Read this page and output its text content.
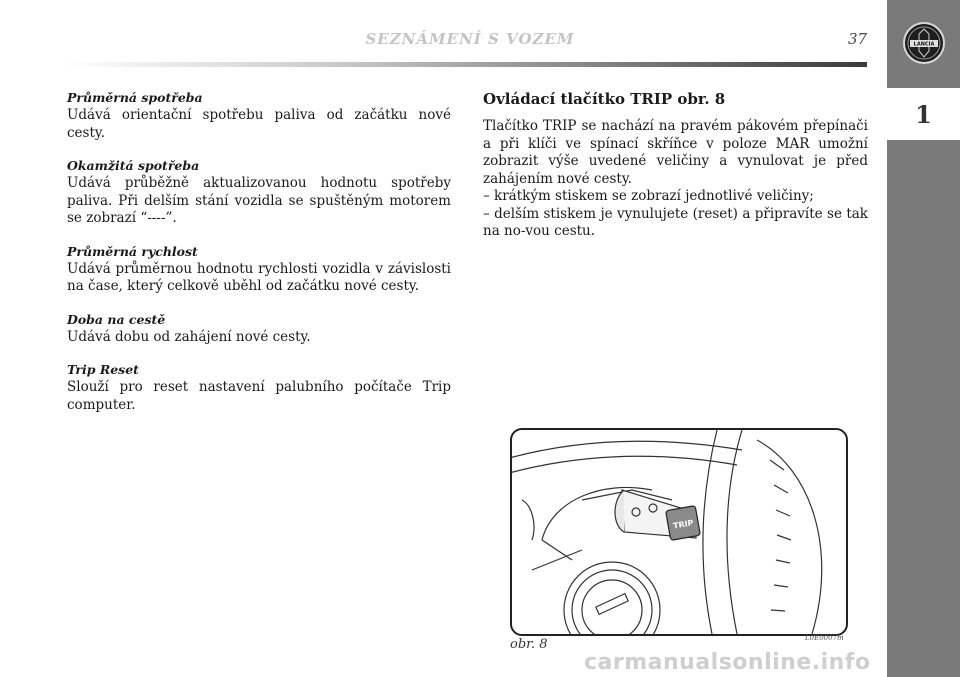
LANCIA
1
SEZNÁMENÍ S VOZEM	37

Průměrná spotřeba

Udává orientační spotřebu paliva od začátku nové cesty.

Okamžitá spotřeba

Udává průběžně aktualizovanou hodnotu spotřeby paliva. Při delším stání vozidla se spuštěným motorem se zobrazí “----”.

Průměrná rychlost

Udává průměrnou hodnotu rychlosti vozidla v závislosti na čase, který celkově uběhl od začátku nové cesty.

Doba na cestě

Udává dobu od zahájení nové cesty.

Trip Reset

Slouží pro reset nastavení palubního počítače Trip computer.

Ovládací tlačítko TRIP obr. 8

Tlačítko TRIP se nachází na pravém pákovém přepínači a při klíči ve spínací skříňce v poloze MAR umožní zobrazit výše uvedené veličiny a vynulovat je před zahájením nové cesty.

– krátkým stiskem se zobrazí jednotlivé veličiny;

– delším stiskem je vynulujete (reset) a připravíte se tak na no-vou cestu.

TRIP
obr. 8	L0E0007m
carmanualsonline.info
